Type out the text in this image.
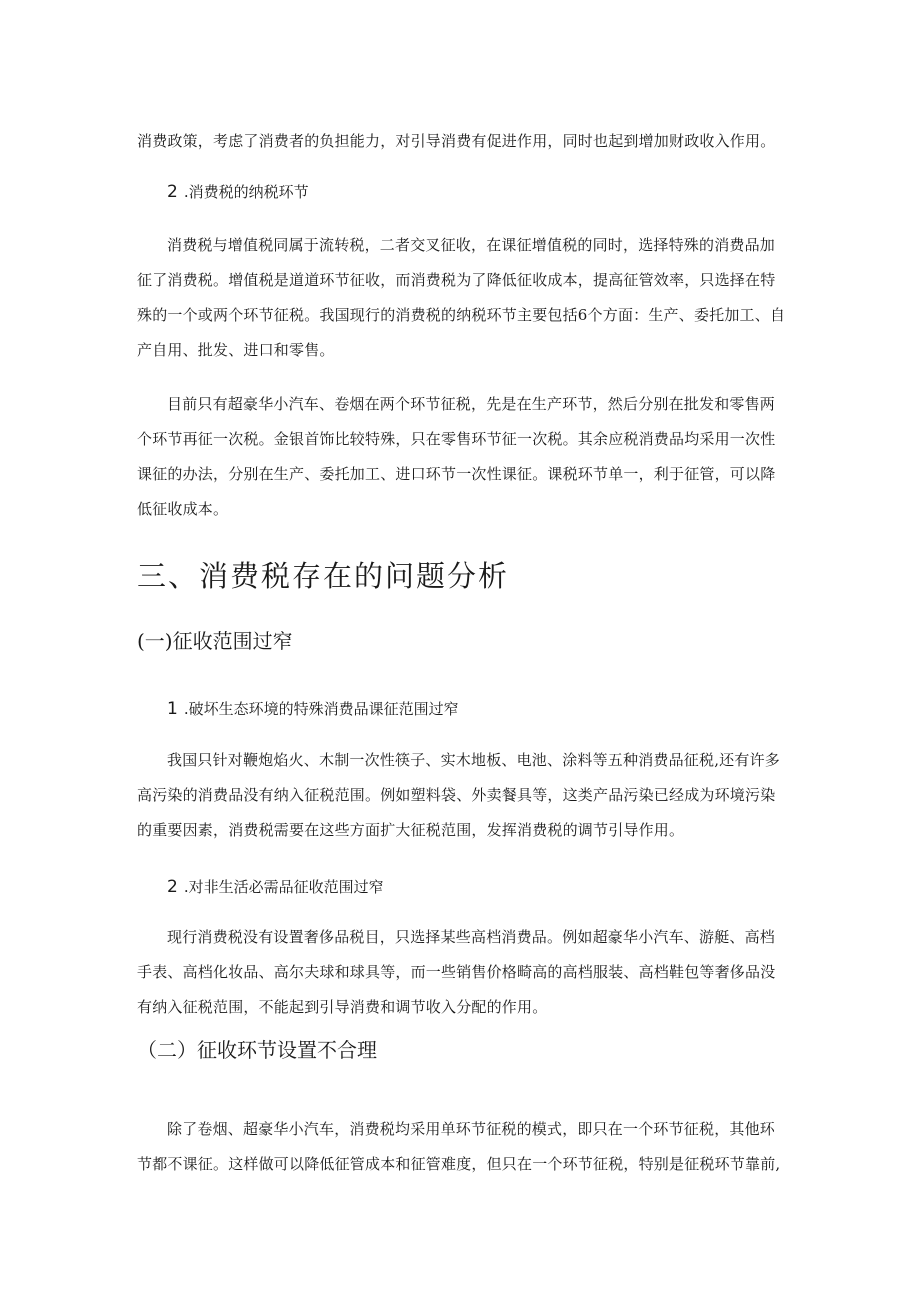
消费政策，考虑了消费者的负担能力，对引导消费有促进作用，同时也起到增加财政收入作用。

2 .消费税的纳税环节

消费税与增值税同属于流转税，二者交叉征收，在课征增值税的同时，选择特殊的消费品加征了消费税。增值税是道道环节征收，而消费税为了降低征收成本，提高征管效率，只选择在特殊的一个或两个环节征税。我国现行的消费税的纳税环节主要包括6个方面：生产、委托加工、自产自用、批发、进口和零售。

目前只有超豪华小汽车、卷烟在两个环节征税，先是在生产环节，然后分别在批发和零售两个环节再征一次税。金银首饰比较特殊，只在零售环节征一次税。其余应税消费品均采用一次性课征的办法，分别在生产、委托加工、进口环节一次性课征。课税环节单一，利于征管，可以降低征收成本。

三、消费税存在的问题分析
(一)征收范围过窄

1 .破坏生态环境的特殊消费品课征范围过窄

我国只针对鞭炮焰火、木制一次性筷子、实木地板、电池、涂料等五种消费品征税,还有许多高污染的消费品没有纳入征税范围。例如塑料袋、外卖餐具等，这类产品污染已经成为环境污染的重要因素，消费税需要在这些方面扩大征税范围，发挥消费税的调节引导作用。

2 .对非生活必需品征收范围过窄

现行消费税没有设置奢侈品税目，只选择某些高档消费品。例如超豪华小汽车、游艇、高档手表、高档化妆品、高尔夫球和球具等，而一些销售价格畸高的高档服装、高档鞋包等奢侈品没有纳入征税范围，不能起到引导消费和调节收入分配的作用。

（二）征收环节设置不合理

除了卷烟、超豪华小汽车，消费税均采用单环节征税的模式，即只在一个环节征税，其他环节都不课征。这样做可以降低征管成本和征管难度，但只在一个环节征税，特别是征税环节靠前,
